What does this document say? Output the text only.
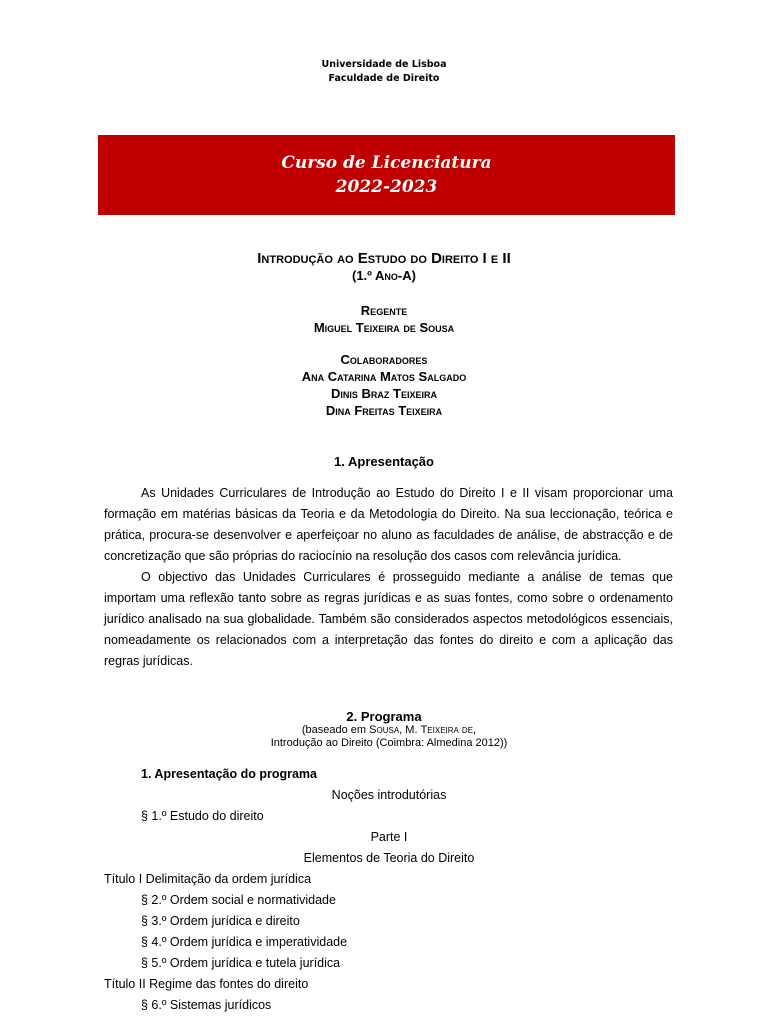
Universidade de Lisboa
Faculdade de Direito
Curso de Licenciatura
2022-2023
Introdução ao Estudo do Direito I e II
(1.º Ano-A)
Regente
Miguel Teixeira de Sousa
Colaboradores
Ana Catarina Matos Salgado
Dinis Braz Teixeira
Dina Freitas Teixeira
1. Apresentação
As Unidades Curriculares de Introdução ao Estudo do Direito I e II visam proporcionar uma formação em matérias básicas da Teoria e da Metodologia do Direito. Na sua leccionação, teórica e prática, procura-se desenvolver e aperfeiçoar no aluno as faculdades de análise, de abstracção e de concretização que são próprias do raciocínio na resolução dos casos com relevância jurídica.
O objectivo das Unidades Curriculares é prosseguido mediante a análise de temas que importam uma reflexão tanto sobre as regras jurídicas e as suas fontes, como sobre o ordenamento jurídico analisado na sua globalidade. Também são considerados aspectos metodológicos essenciais, nomeadamente os relacionados com a interpretação das fontes do direito e com a aplicação das regras jurídicas.
2. Programa
(baseado em Sousa, M. Teixeira de,
Introdução ao Direito (Coimbra: Almedina 2012))
1. Apresentação do programa
Noções introdutórias
§ 1.º Estudo do direito
Parte I
Elementos de Teoria do Direito
Título I Delimitação da ordem jurídica
§ 2.º Ordem social e normatividade
§ 3.º Ordem jurídica e direito
§ 4.º Ordem jurídica e imperatividade
§ 5.º Ordem jurídica e tutela jurídica
Título II Regime das fontes do direito
§ 6.º Sistemas jurídicos
